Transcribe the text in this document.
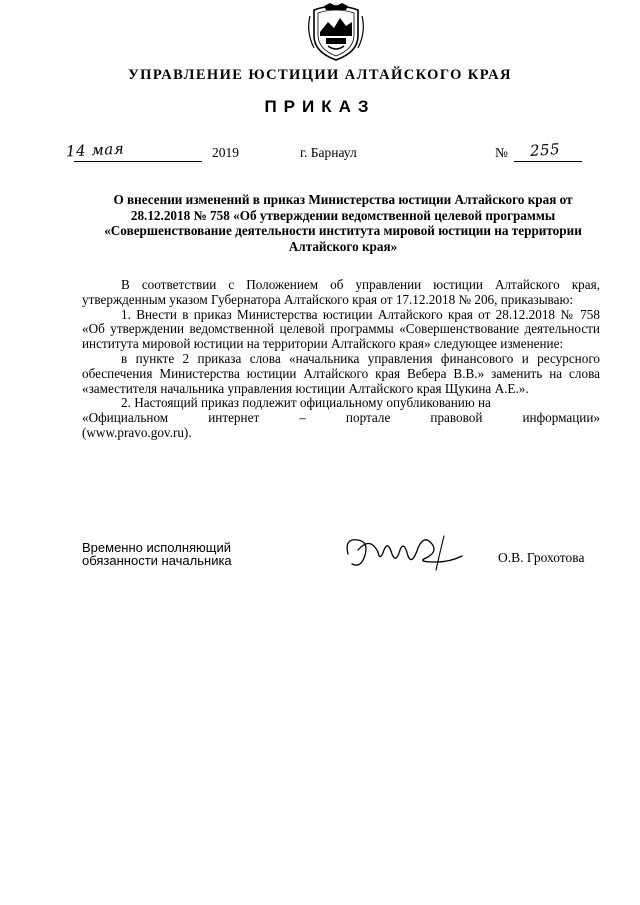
УПРАВЛЕНИЕ ЮСТИЦИИ АЛТАЙСКОГО КРАЯ
ПРИКАЗ
14 мая	2019	г. Барнаул	№ 255
О внесении изменений в приказ Министерства юстиции Алтайского края от 28.12.2018 № 758 «Об утверждении ведомственной целевой программы «Совершенствование деятельности института мировой юстиции на территории Алтайского края»

В соответствии с Положением об управлении юстиции Алтайского края, утвержденным указом Губернатора Алтайского края от 17.12.2018 № 206, приказываю:

1. Внести в приказ Министерства юстиции Алтайского края от 28.12.2018 № 758 «Об утверждении ведомственной целевой программы «Совершенствование деятельности института мировой юстиции на территории Алтайского края» следующее изменение:

в пункте 2 приказа слова «начальника управления финансового и ресурсного обеспечения Министерства юстиции Алтайского края Вебера В.В.» заменить на слова «заместителя начальника управления юстиции Алтайского края Щукина А.Е.».

2. Настоящий приказ подлежит официальному опубликованию на

«Официальном интернет – портале правовой информации»

(www.pravo.gov.ru).

Временно исполняющий
обязанности начальника	О.В. Грохотова
